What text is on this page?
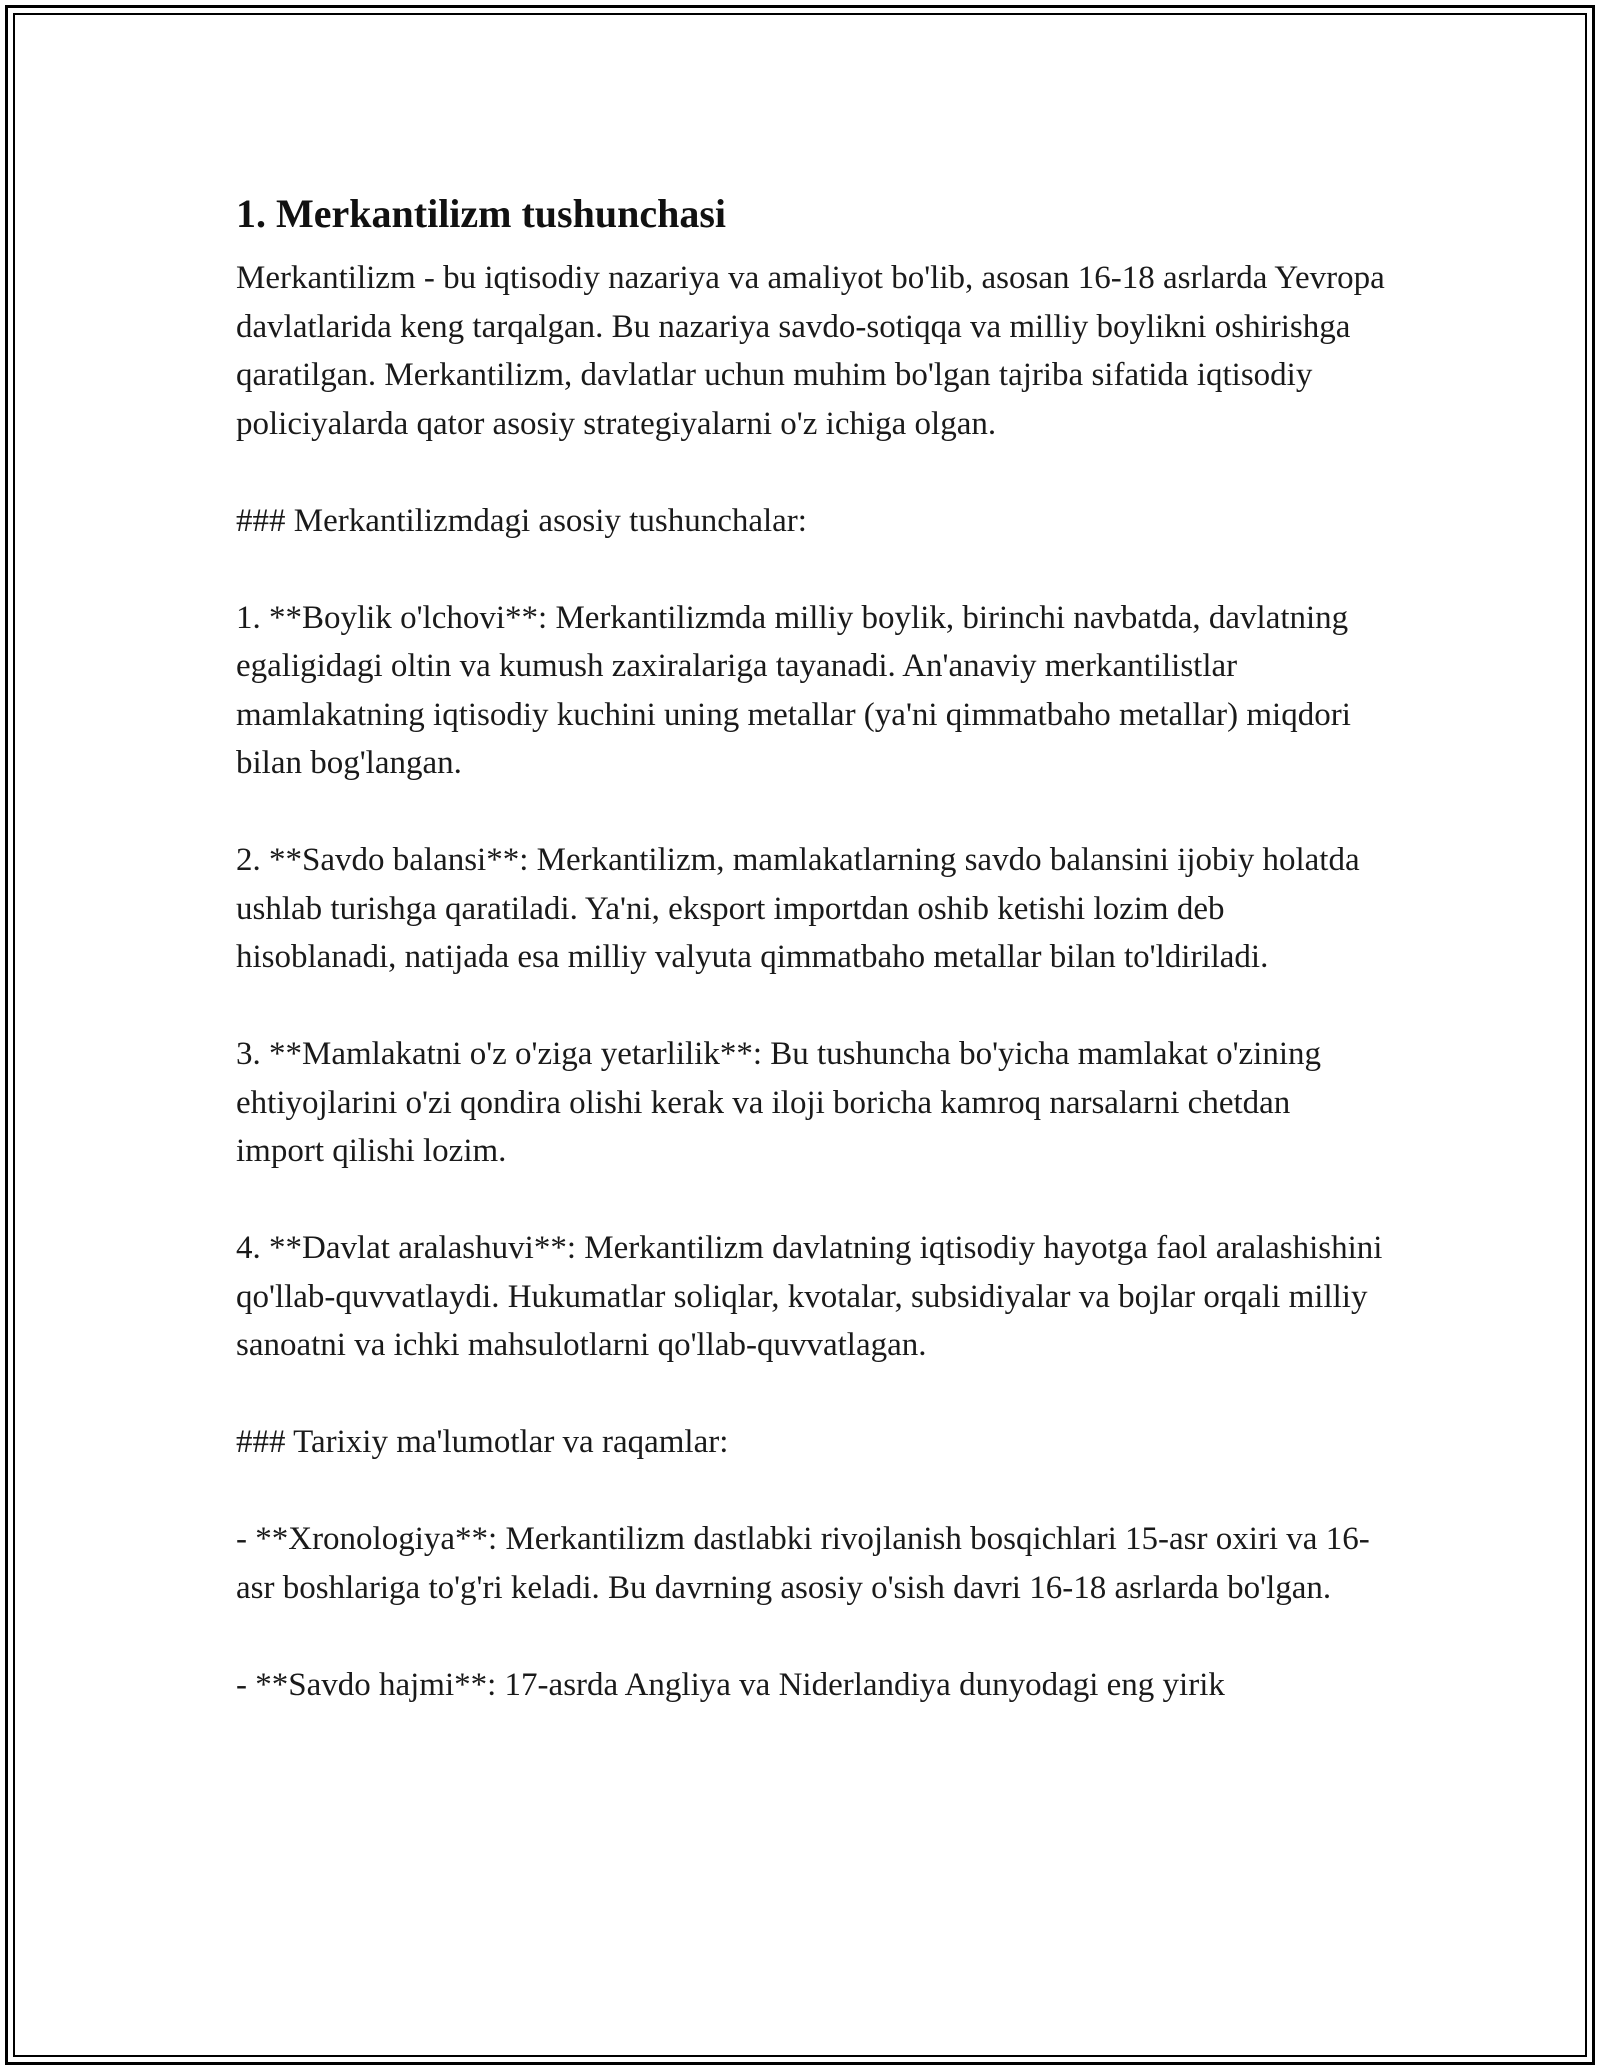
1. Merkantilizm tushunchasi

Merkantilizm - bu iqtisodiy nazariya va amaliyot bo'lib, asosan 16-18 asrlarda Yevropa davlatlarida keng tarqalgan. Bu nazariya savdo-sotiqqa va milliy boylikni oshirishga qaratilgan. Merkantilizm, davlatlar uchun muhim bo'lgan tajriba sifatida iqtisodiy policiyalarda qator asosiy strategiyalarni o'z ichiga olgan.

### Merkantilizmdagi asosiy tushunchalar:

1. **Boylik o'lchovi**: Merkantilizmda milliy boylik, birinchi navbatda, davlatning egaligidagi oltin va kumush zaxiralariga tayanadi. An'anaviy merkantilistlar mamlakatning iqtisodiy kuchini uning metallar (ya'ni qimmatbaho metallar) miqdori bilan bog'langan.

2. **Savdo balansi**: Merkantilizm, mamlakatlarning savdo balansini ijobiy holatda ushlab turishga qaratiladi. Ya'ni, eksport importdan oshib ketishi lozim deb hisoblanadi, natijada esa milliy valyuta qimmatbaho metallar bilan to'ldiriladi.

3. **Mamlakatni o'z o'ziga yetarlilik**: Bu tushuncha bo'yicha mamlakat o'zining ehtiyojlarini o'zi qondira olishi kerak va iloji boricha kamroq narsalarni chetdan import qilishi lozim.

4. **Davlat aralashuvi**: Merkantilizm davlatning iqtisodiy hayotga faol aralashishini qo'llab-quvvatlaydi. Hukumatlar soliqlar, kvotalar, subsidiyalar va bojlar orqali milliy sanoatni va ichki mahsulotlarni qo'llab-quvvatlagan.

### Tarixiy ma'lumotlar va raqamlar:

- **Xronologiya**: Merkantilizm dastlabki rivojlanish bosqichlari 15-asr oxiri va 16-asr boshlariga to'g'ri keladi. Bu davrning asosiy o'sish davri 16-18 asrlarda bo'lgan.

- **Savdo hajmi**: 17-asrda Angliya va Niderlandiya dunyodagi eng yirik
